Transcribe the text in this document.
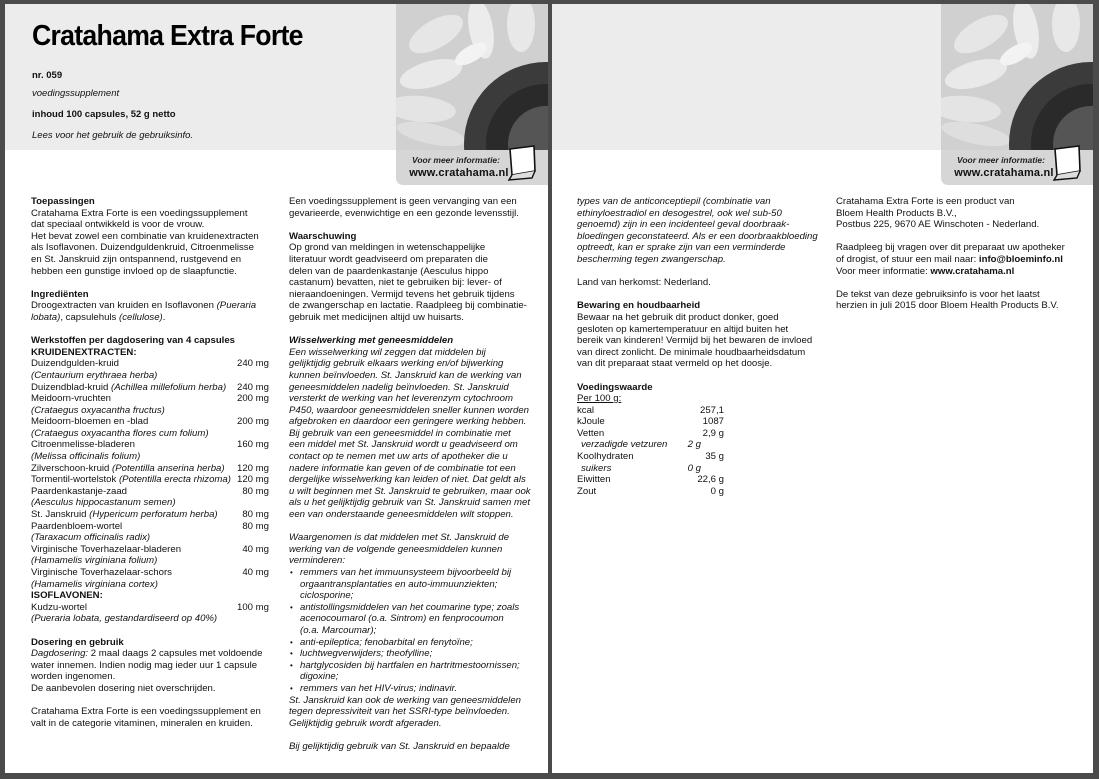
Cratahama Extra Forte
nr. 059
voedingssupplement
inhoud 100 capsules, 52 g netto
Lees voor het gebruik de gebruiksinfo.
Voor meer informatie:
www.cratahama.nl
Toepassingen

Cratahama Extra Forte is een voedingssupplement

dat speciaal ontwikkeld is voor de vrouw.

Het bevat zowel een combinatie van kruidenextracten

als Isoflavonen. Duizendguldenkruid, Citroenmelisse

en St. Janskruid zijn ontspannend, rustgevend en

hebben een gunstige invloed op de slaapfunctie.

Ingrediënten

Droogextracten van kruiden en Isoflavonen (Pueraria

lobata), capsulehuls (cellulose).

Werkstoffen per dagdosering van 4 capsules

KRUIDENEXTRACTEN:

Duizendgulden-kruid	240 mg

(Centaurium erythraea herba)

Duizendblad-kruid (Achillea millefolium herba)	240 mg
Meidoorn-vruchten	200 mg

(Crataegus oxyacantha fructus)

Meidoorn-bloemen en -blad	200 mg

(Crataegus oxyacantha flores cum folium)

Citroenmelisse-bladeren	160 mg

(Melissa officinalis folium)

Zilverschoon-kruid (Potentilla anserina herba)	120 mg
Tormentil-wortelstok (Potentilla erecta rhizoma) 120 mg
Paardenkastanje-zaad	80 mg

(Aesculus hippocastanum semen)

St. Janskruid (Hypericum perforatum herba)	80 mg
Paardenbloem-wortel	80 mg

(Taraxacum officinalis radix)

Virginische Toverhazelaar-bladeren	40 mg

(Hamamelis virginiana folium)

Virginische Toverhazelaar-schors	40 mg

(Hamamelis virginiana cortex)

ISOFLAVONEN:

Kudzu-wortel	100 mg

(Pueraria lobata, gestandardiseerd op 40%)

Dosering en gebruik

Dagdosering: 2 maal daags 2 capsules met voldoende

water innemen. Indien nodig mag ieder uur 1 capsule

worden ingenomen.

De aanbevolen dosering niet overschrijden.

Cratahama Extra Forte is een voedingssupplement en

valt in de categorie vitaminen, mineralen en kruiden.

Een voedingssupplement is geen vervanging van een

gevarieerde, evenwichtige en een gezonde levensstijl.

Waarschuwing

Op grond van meldingen in wetenschappelijke

literatuur wordt geadviseerd om preparaten die

delen van de paardenkastanje (Aesculus hippo

castanum) bevatten, niet te gebruiken bij: lever- of

nieraandoeningen. Vermijd tevens het gebruik tijdens

de zwangerschap en lactatie. Raadpleeg bij combinatie-

gebruik met medicijnen altijd uw huisarts.

Wisselwerking met geneesmiddelen

Een wisselwerking wil zeggen dat middelen bij

gelijktijdig gebruik elkaars werking en/of bijwerking

kunnen beïnvloeden. St. Janskruid kan de werking van

geneesmiddelen nadelig beïnvloeden. St. Janskruid

versterkt de werking van het leverenzym cytochroom

P450, waardoor geneesmiddelen sneller kunnen worden

afgebroken en daardoor een geringere werking hebben.

Bij gebruik van een geneesmiddel in combinatie met

een middel met St. Janskruid wordt u geadviseerd om

contact op te nemen met uw arts of apotheker die u

nadere informatie kan geven of de combinatie tot een

dergelijke wisselwerking kan leiden of niet. Dat geldt als

u wilt beginnen met St. Janskruid te gebruiken, maar ook

als u het gelijktijdig gebruik van St. Janskruid samen met

een van onderstaande geneesmiddelen wilt stoppen.

Waargenomen is dat middelen met St. Janskruid de

werking van de volgende geneesmiddelen kunnen

verminderen:

• remmers van het immuunsysteem bijvoorbeeld bij
orgaantransplantaties en auto-immuunziekten;
ciclosporine;
• antistollingsmiddelen van het coumarine type; zoals
acenocoumarol (o.a. Sintrom) en fenprocoumon
(o.a. Marcoumar);
• anti-epileptica; fenobarbital en fenytoïne;
• luchtwegverwijders; theofylline;
• hartglycosiden bij hartfalen en hartritmestoornissen;
digoxine;
• remmers van het HIV-virus; indinavir.

St. Janskruid kan ook de werking van geneesmiddelen

tegen depressiviteit van het SSRI-type beïnvloeden.

Gelijktijdig gebruik wordt afgeraden.

Bij gelijktijdig gebruik van St. Janskruid en bepaalde

Voor meer informatie:
www.cratahama.nl

types van de anticonceptiepil (combinatie van

ethinyloestradiol en desogestrel, ook wel sub-50

genoemd) zijn in een incidenteel geval doorbraak-

bloedingen geconstateerd. Als er een doorbraakbloeding

optreedt, kan er sprake zijn van een verminderde

bescherming tegen zwangerschap.

Land van herkomst: Nederland.

Bewaring en houdbaarheid

Bewaar na het gebruik dit product donker, goed

gesloten op kamertemperatuur en altijd buiten het

bereik van kinderen! Vermijd bij het bewaren de invloed

van direct zonlicht. De minimale houdbaarheidsdatum

van dit preparaat staat vermeld op het doosje.

Voedingswaarde

Per 100 g:

kcal	257,1
kJoule	1087
Vetten	2,9 g
verzadigde vetzuren 2 g
Koolhydraten	35 g
suikers	0 g
Eiwitten	22,6 g
Zout	0 g

Cratahama Extra Forte is een product van

Bloem Health Products B.V.,

Postbus 225, 9670 AE Winschoten - Nederland.

Raadpleeg bij vragen over dit preparaat uw apotheker

of drogist, of stuur een mail naar: info@bloeminfo.nl

Voor meer informatie: www.cratahama.nl

De tekst van deze gebruiksinfo is voor het laatst

herzien in juli 2015 door Bloem Health Products B.V.
